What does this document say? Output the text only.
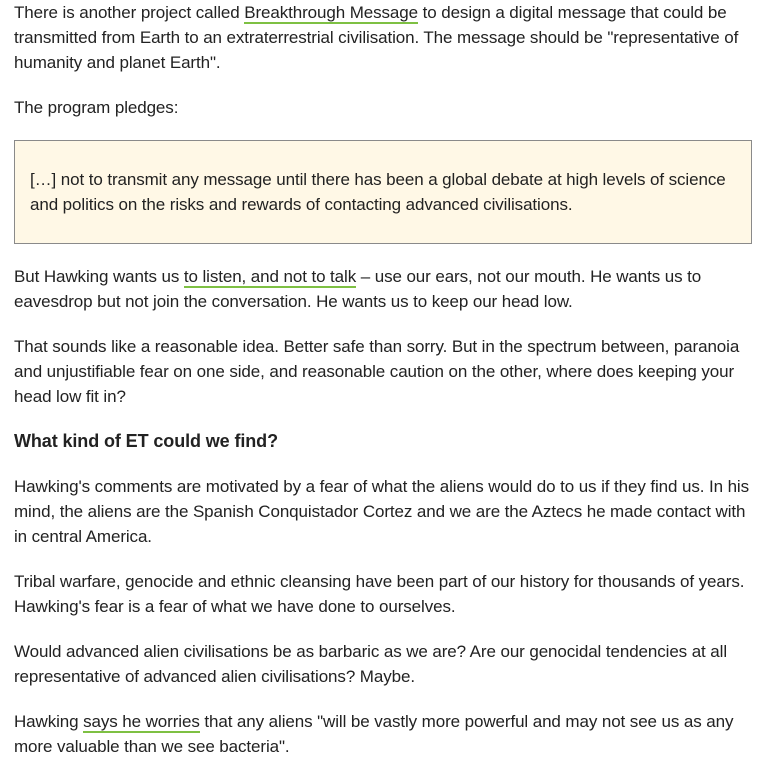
There is another project called Breakthrough Message to design a digital message that could be transmitted from Earth to an extraterrestrial civilisation. The message should be "representative of humanity and planet Earth".

The program pledges:

[…] not to transmit any message until there has been a global debate at high levels of science and politics on the risks and rewards of contacting advanced civilisations.

But Hawking wants us to listen, and not to talk – use our ears, not our mouth. He wants us to eavesdrop but not join the conversation. He wants us to keep our head low.

That sounds like a reasonable idea. Better safe than sorry. But in the spectrum between, paranoia and unjustifiable fear on one side, and reasonable caution on the other, where does keeping your head low fit in?

What kind of ET could we find?

Hawking's comments are motivated by a fear of what the aliens would do to us if they find us. In his mind, the aliens are the Spanish Conquistador Cortez and we are the Aztecs he made contact with in central America.

Tribal warfare, genocide and ethnic cleansing have been part of our history for thousands of years. Hawking's fear is a fear of what we have done to ourselves.

Would advanced alien civilisations be as barbaric as we are? Are our genocidal tendencies at all representative of advanced alien civilisations? Maybe.

Hawking says he worries that any aliens "will be vastly more powerful and may not see us as any more valuable than we see bacteria".
